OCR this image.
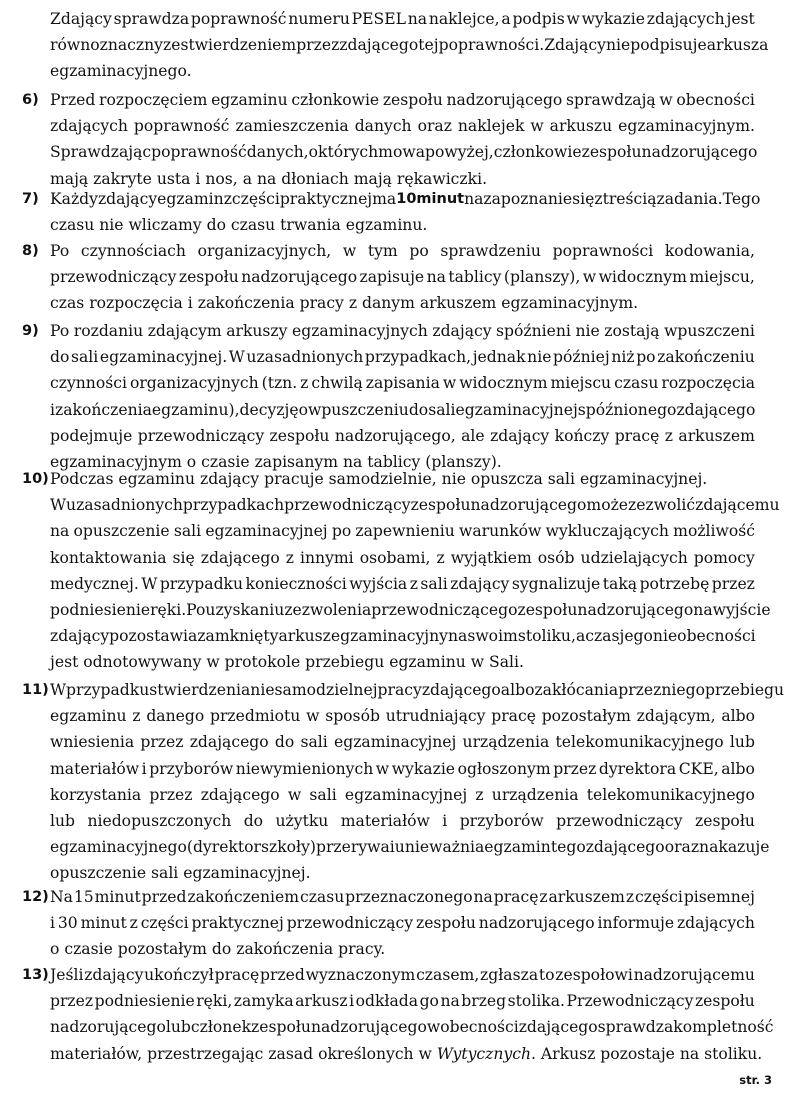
Zdający sprawdza poprawność numeru PESEL na naklejce, a podpis w wykazie zdających jest
równoznaczny ze stwierdzeniem przez zdającego tej poprawności. Zdający nie podpisuje arkusza
egzaminacyjnego.
6) Przed rozpoczęciem egzaminu członkowie zespołu nadzorującego sprawdzają w obecności
zdających poprawność zamieszczenia danych oraz naklejek w arkuszu egzaminacyjnym.
Sprawdzając poprawność danych, o których mowa powyżej, członkowie zespołu nadzorującego
mają zakryte usta i nos, a na dłoniach mają rękawiczki.
7) Każdy zdający egzamin z części praktycznej ma 10 minut na zapoznanie się z treścią zadania. Tego
czasu nie wliczamy do czasu trwania egzaminu.
8) Po czynnościach organizacyjnych, w tym po sprawdzeniu poprawności kodowania,
przewodniczący zespołu nadzorującego zapisuje na tablicy (planszy), w widocznym miejscu,
czas rozpoczęcia i zakończenia pracy z danym arkuszem egzaminacyjnym.
9) Po rozdaniu zdającym arkuszy egzaminacyjnych zdający spóźnieni nie zostają wpuszczeni
do sali egzaminacyjnej. W uzasadnionych przypadkach, jednak nie później niż po zakończeniu
czynności organizacyjnych (tzn. z chwilą zapisania w widocznym miejscu czasu rozpoczęcia
i zakończenia egzaminu), decyzję o wpuszczeniu do sali egzaminacyjnej spóźnionego zdającego
podejmuje przewodniczący zespołu nadzorującego, ale zdający kończy pracę z arkuszem
egzaminacyjnym o czasie zapisanym na tablicy (planszy).
10) Podczas egzaminu zdający pracuje samodzielnie, nie opuszcza sali egzaminacyjnej.
W uzasadnionych przypadkach przewodniczący zespołu nadzorującego może zezwolić zdającemu
na opuszczenie sali egzaminacyjnej po zapewnieniu warunków wykluczających możliwość
kontaktowania się zdającego z innymi osobami, z wyjątkiem osób udzielających pomocy
medycznej. W przypadku konieczności wyjścia z sali zdający sygnalizuje taką potrzebę przez
podniesienie ręki. Po uzyskaniu zezwolenia przewodniczącego zespołu nadzorującego na wyjście
zdający pozostawia zamknięty arkusz egzaminacyjny na swoim stoliku, a czas jego nieobecności
jest odnotowywany w protokole przebiegu egzaminu w Sali.
11) W przypadku stwierdzenia niesamodzielnej pracy zdającego albo zakłócania przez niego przebiegu
egzaminu z danego przedmiotu w sposób utrudniający pracę pozostałym zdającym, albo
wniesienia przez zdającego do sali egzaminacyjnej urządzenia telekomunikacyjnego lub
materiałów i przyborów niewymienionych w wykazie ogłoszonym przez dyrektora CKE, albo
korzystania przez zdającego w sali egzaminacyjnej z urządzenia telekomunikacyjnego
lub niedopuszczonych do użytku materiałów i przyborów przewodniczący zespołu
egzaminacyjnego (dyrektor szkoły) przerywa i unieważnia egzamin tego zdającego oraz nakazuje
opuszczenie sali egzaminacyjnej.
12) Na 15 minut przed zakończeniem czasu przeznaczonego na pracę z arkuszem z części pisemnej
i 30 minut z części praktycznej przewodniczący zespołu nadzorującego informuje zdających
o czasie pozostałym do zakończenia pracy.
13) Jeśli zdający ukończył pracę przed wyznaczonym czasem, zgłasza to zespołowi nadzorującemu
przez podniesienie ręki, zamyka arkusz i odkłada go na brzeg stolika. Przewodniczący zespołu
nadzorującego lub członek zespołu nadzorującego w obecności zdającego sprawdza kompletność
materiałów, przestrzegając zasad określonych w Wytycznych. Arkusz pozostaje na stoliku.
str. 3
